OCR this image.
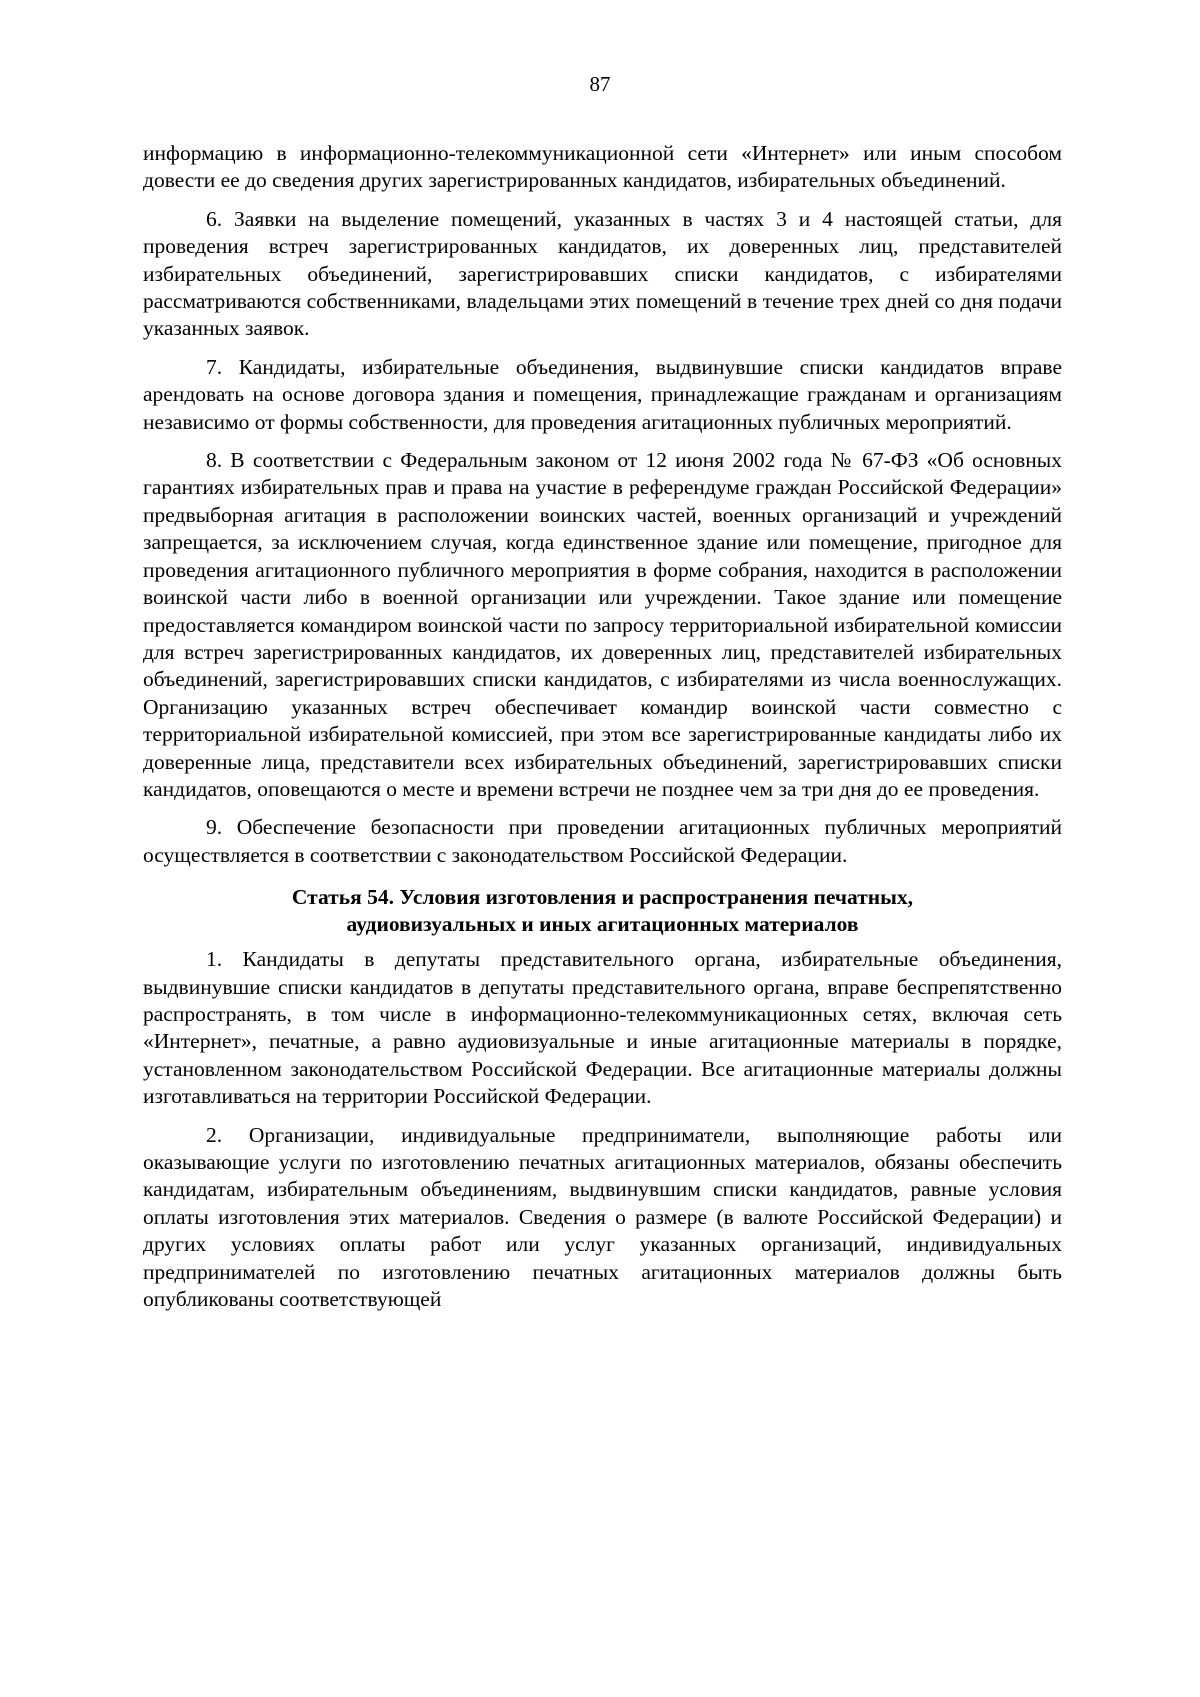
87

информацию в информационно-телекоммуникационной сети «Интернет» или иным способом довести ее до сведения других зарегистрированных кандидатов, избирательных объединений.

6. Заявки на выделение помещений, указанных в частях 3 и 4 настоящей статьи, для проведения встреч зарегистрированных кандидатов, их доверенных лиц, представителей избирательных объединений, зарегистрировавших списки кандидатов, с избирателями рассматриваются собственниками, владельцами этих помещений в течение трех дней со дня подачи указанных заявок.

7. Кандидаты, избирательные объединения, выдвинувшие списки кандидатов вправе арендовать на основе договора здания и помещения, принадлежащие гражданам и организациям независимо от формы собственности, для проведения агитационных публичных мероприятий.

8. В соответствии с Федеральным законом от 12 июня 2002 года № 67-ФЗ «Об основных гарантиях избирательных прав и права на участие в референдуме граждан Российской Федерации» предвыборная агитация в расположении воинских частей, военных организаций и учреждений запрещается, за исключением случая, когда единственное здание или помещение, пригодное для проведения агитационного публичного мероприятия в форме собрания, находится в расположении воинской части либо в военной организации или учреждении. Такое здание или помещение предоставляется командиром воинской части по запросу территориальной избирательной комиссии для встреч зарегистрированных кандидатов, их доверенных лиц, представителей избирательных объединений, зарегистрировавших списки кандидатов, с избирателями из числа военнослужащих. Организацию указанных встреч обеспечивает командир воинской части совместно с территориальной избирательной комиссией, при этом все зарегистрированные кандидаты либо их доверенные лица, представители всех избирательных объединений, зарегистрировавших списки кандидатов, оповещаются о месте и времени встречи не позднее чем за три дня до ее проведения.

9. Обеспечение безопасности при проведении агитационных публичных мероприятий осуществляется в соответствии с законодательством Российской Федерации.

Статья 54. Условия изготовления и распространения печатных,
аудиовизуальных и иных агитационных материалов

1. Кандидаты в депутаты представительного органа, избирательные объединения, выдвинувшие списки кандидатов в депутаты представительного органа, вправе беспрепятственно распространять, в том числе в информационно-телекоммуникационных сетях, включая сеть «Интернет», печатные, а равно аудиовизуальные и иные агитационные материалы в порядке, установленном законодательством Российской Федерации. Все агитационные материалы должны изготавливаться на территории Российской Федерации.

2. Организации, индивидуальные предприниматели, выполняющие работы или оказывающие услуги по изготовлению печатных агитационных материалов, обязаны обеспечить кандидатам, избирательным объединениям, выдвинувшим списки кандидатов, равные условия оплаты изготовления этих материалов. Сведения о размере (в валюте Российской Федерации) и других условиях оплаты работ или услуг указанных организаций, индивидуальных предпринимателей по изготовлению печатных агитационных материалов должны быть опубликованы соответствующей
